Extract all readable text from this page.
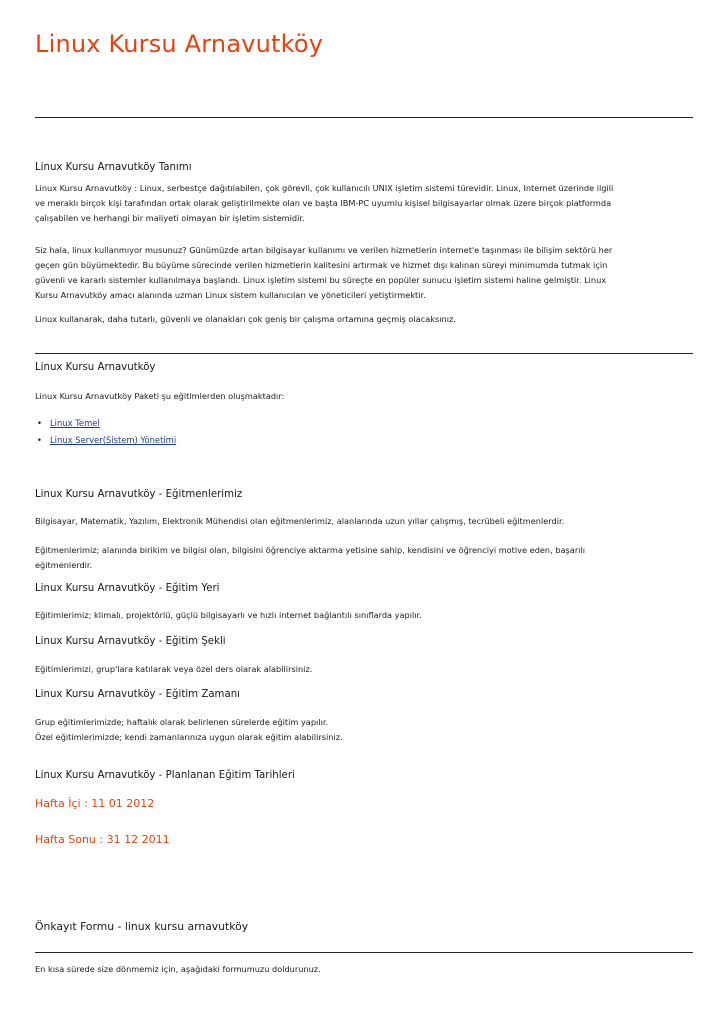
Linux Kursu Arnavutköy
Linux Kursu Arnavutköy Tanımı
Linux Kursu Arnavutköy : Linux, serbestçe dağıtılabilen, çok görevli, çok kullanıcılı UNIX işletim sistemi türevidir. Linux, Internet üzerinde ilgili
ve meraklı birçok kişi tarafından ortak olarak geliştirilmekte olan ve başta IBM-PC uyumlu kişisel bilgisayarlar olmak üzere birçok platformda
çalışabilen ve herhangi bir maliyeti olmayan bir işletim sistemidir.
Siz hala, linux kullanmıyor musunuz? Günümüzde artan bilgisayar kullanımı ve verilen hizmetlerin internet'e taşınması ile bilişim sektörü her
geçen gün büyümektedir. Bu büyüme sürecinde verilen hizmetlerin kalitesini artırmak ve hizmet dışı kalınan süreyi minimumda tutmak için
güvenli ve kararlı sistemler kullanılmaya başlandı. Linux işletim sistemi bu süreçte en popüler sunucu işletim sistemi haline gelmiştir. Linux
Kursu Arnavutköy amacı alanında uzman Linux sistem kullanıcıları ve yöneticileri yetiştirmektir.
Linux kullanarak, daha tutarlı, güvenli ve olanakları çok geniş bir çalışma ortamına geçmiş olacaksınız.
Linux Kursu Arnavutköy
Linux Kursu Arnavutköy Paketi şu eğitimlerden oluşmaktadır:
• Linux Temel
• Linux Server(Sistem) Yönetimi
Linux Kursu Arnavutköy - Eğitmenlerimiz
Bilgisayar, Matematik, Yazılım, Elektronik Mühendisi olan eğitmenlerimiz, alanlarında uzun yıllar çalışmış, tecrübeli eğitmenlerdir.
Eğitmenlerimiz; alanında birikim ve bilgisi olan, bilgisini öğrenciye aktarma yetisine sahip, kendisini ve öğrenciyi motive eden, başarılı
eğitmenlerdir.
Linux Kursu Arnavutköy - Eğitim Yeri
Eğitimlerimiz; klimalı, projektörlü, güçlü bilgisayarlı ve hızlı internet bağlantılı sınıflarda yapılır.
Linux Kursu Arnavutköy - Eğitim Şekli
Eğitimlerimizi, grup'lara katılarak veya özel ders olarak alabilirsiniz.
Linux Kursu Arnavutköy - Eğitim Zamanı
Grup eğitimlerimizde; haftalık olarak belirlenen sürelerde eğitim yapılır.
Özel eğitimlerimizde; kendi zamanlarınıza uygun olarak eğitim alabilirsiniz.
Linux Kursu Arnavutköy - Planlanan Eğitim Tarihleri
Hafta İçi : 11 01 2012
Hafta Sonu : 31 12 2011
Önkayıt Formu - linux kursu arnavutköy
En kısa sürede size dönmemiz için, aşağıdaki formumuzu doldurunuz.
